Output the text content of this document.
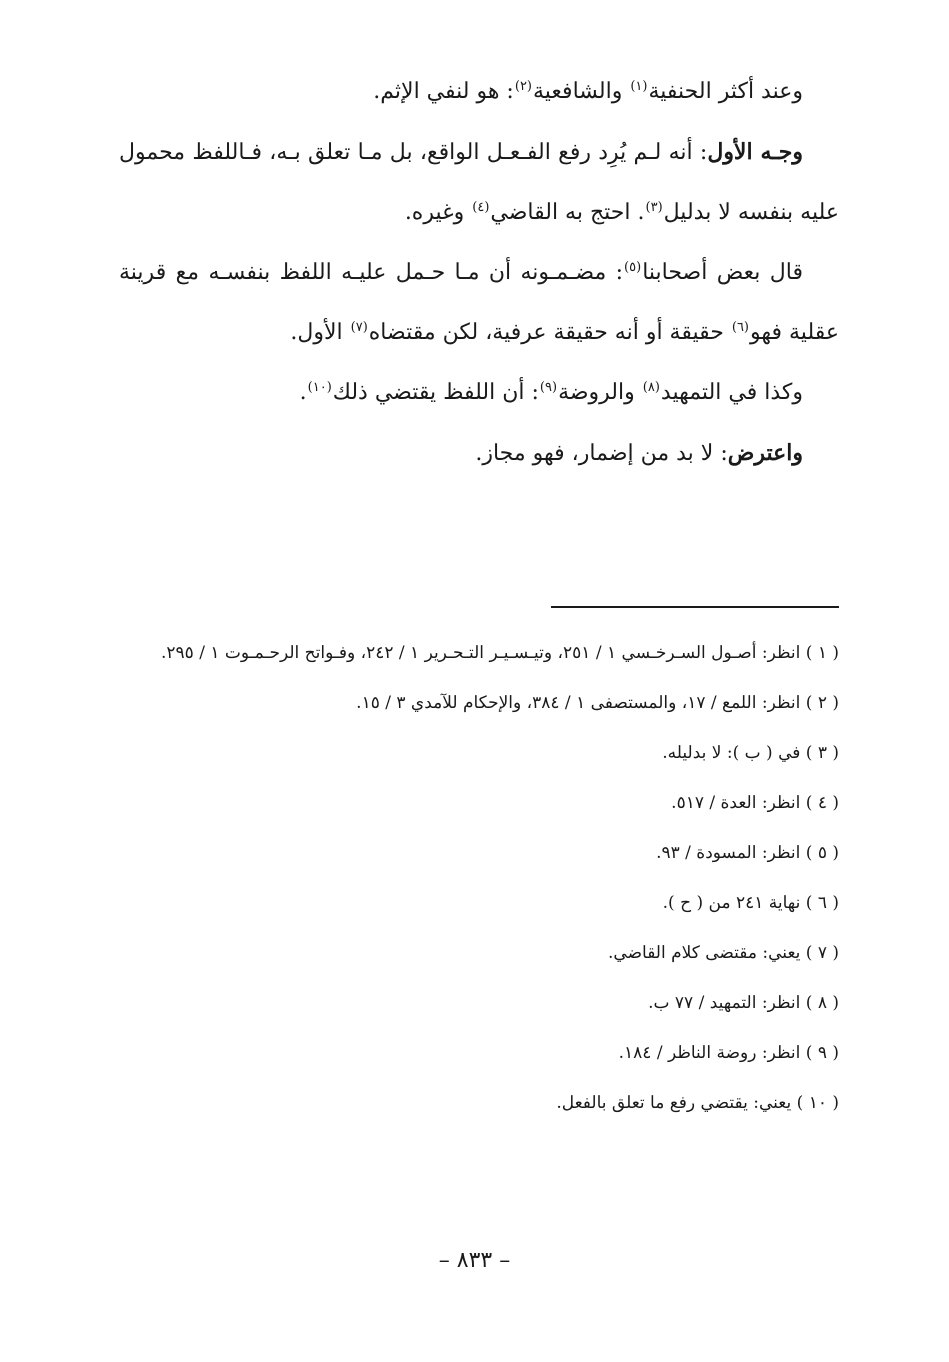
وعند أكثر الحنفية$^{(١)}$ والشافعية$^{(٢)}$: هو لنفي الإثم.

وجـه الأول: أنه لـم يُرِد رفع الفـعـل الواقع، بل مـا تعلق بـه، فـاللفظ محمول عليه بنفسه لا بدليل$^{(٣)}$. احتج به القاضي$^{(٤)}$ وغيره.

قال بعض أصحابنا$^{(٥)}$: مضـمـونه أن مـا حـمل عليـه اللفظ بنفسـه مع قرينة عقلية فهو$^{(٦)}$ حقيقة أو أنه حقيقة عرفية، لكن مقتضاه$^{(٧)}$ الأول.

وكذا في التمهيد$^{(٨)}$ والروضة$^{(٩)}$: أن اللفظ يقتضي ذلك$^{(١٠)}$.

واعترض: لا بد من إضمار، فهو مجاز.

( ١ ) انظر: أصـول السـرخـسي ١ / ٢٥١، وتيـسـيـر التـحـرير ١ / ٢٤٢، وفـواتح الرحـمـوت ١ / ٢٩٥.

( ٢ ) انظر: اللمع / ١٧، والمستصفى ١ / ٣٨٤، والإحكام للآمدي ٣ / ١٥.

( ٣ ) في ( ب ): لا بدليله.

( ٤ ) انظر: العدة / ٥١٧.

( ٥ ) انظر: المسودة / ٩٣.

( ٦ ) نهاية ٢٤١ من ( ح ).

( ٧ ) يعني: مقتضى كلام القاضي.

( ٨ ) انظر: التمهيد / ٧٧ ب.

( ٩ ) انظر: روضة الناظر / ١٨٤.

( ١٠ ) يعني: يقتضي رفع ما تعلق بالفعل.

– ٨٣٣ –
